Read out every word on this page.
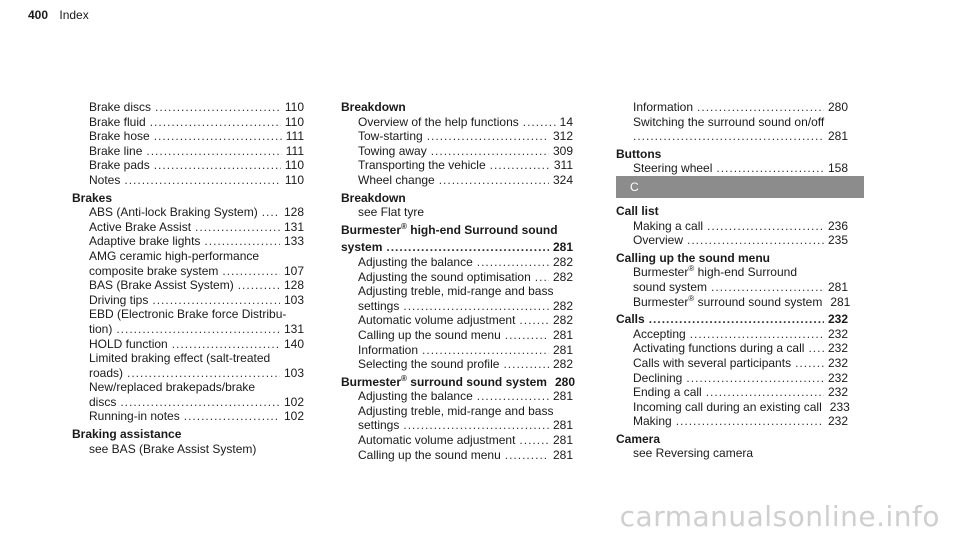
400 Index
Brake discs .....	110
Brake fluid .....	110
Brake hose .....	111
Brake line .....	111
Brake pads .....	110
Notes .....	110
Brakes
ABS (Anti-lock Braking System) ..... 128
Active Brake Assist .....	131
Adaptive brake lights .....	133
AMG ceramic high-performance
composite brake system .....	107
BAS (Brake Assist System) .....	128
Driving tips .....	103
EBD (Electronic Brake force Distribu-
tion) .....	131
HOLD function .....	140
Limited braking effect (salt-treated
roads) .....	103
New/replaced brakepads/brake
discs .....	102
Running-in notes .....	102
Braking assistance
see BAS (Brake Assist System)
Breakdown
Overview of the help functions .....	14
Tow-starting .....	312
Towing away .....	309
Transporting the vehicle .....	311
Wheel change .....	324
Breakdown
see Flat tyre
Burmester® high-end Surround sound
system .....	281
Adjusting the balance .....	282
Adjusting the sound optimisation ..... 282
Adjusting treble, mid-range and bass
settings .....	282
Automatic volume adjustment .....	282
Calling up the sound menu .....	281
Information .....	281
Selecting the sound profile .....	282
Burmester® surround sound system 280
Adjusting the balance .....	281
Adjusting treble, mid-range and bass
settings .....	281
Automatic volume adjustment .....	281
Calling up the sound menu .....	281
Information .....	280
Switching the surround sound on/off
.....
281
Buttons
Steering wheel .....	158
C
Call list
Making a call .....	236
Overview .....	235
Calling up the sound menu
Burmester® high-end Surround
sound system .....	281
Burmester® surround sound system 281
Calls .....	232
Accepting .....	232
Activating functions during a call ..... 232
Calls with several participants .....	232
Declining .....	232
Ending a call .....	232
Incoming call during an existing call 233
Making .....	232
Camera
see Reversing camera
carmanualsonline.info
